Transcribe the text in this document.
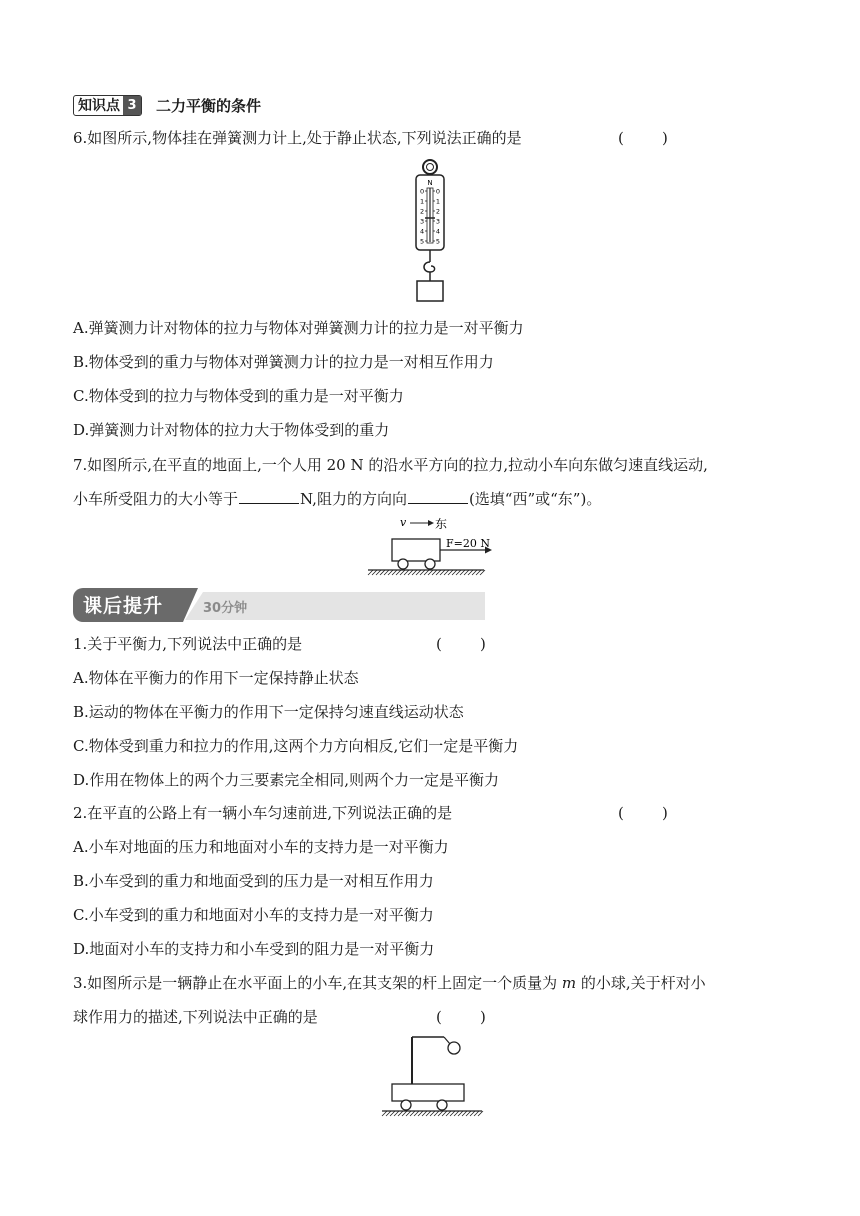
知识点 3 二力平衡的条件
6.如图所示,物体挂在弹簧测力计上,处于静止状态,下列说法正确的是	(        )
N
0 0
1 1
2 2
3 3
4 4
5 5
A.弹簧测力计对物体的拉力与物体对弹簧测力计的拉力是一对平衡力
B.物体受到的重力与物体对弹簧测力计的拉力是一对相互作用力
C.物体受到的拉力与物体受到的重力是一对平衡力
D.弹簧测力计对物体的拉力大于物体受到的重力
7.如图所示,在平直的地面上,一个人用 20 N 的沿水平方向的拉力,拉动小车向东做匀速直线运动,
小车所受阻力的大小等于	N,阻力的方向向	(选填“西”或“东”)。
v 东
F=20 N
课后提升	30分钟
1.关于平衡力,下列说法中正确的是	(        )
A.物体在平衡力的作用下一定保持静止状态
B.运动的物体在平衡力的作用下一定保持匀速直线运动状态
C.物体受到重力和拉力的作用,这两个力方向相反,它们一定是平衡力
D.作用在物体上的两个力三要素完全相同,则两个力一定是平衡力
2.在平直的公路上有一辆小车匀速前进,下列说法正确的是	(        )
A.小车对地面的压力和地面对小车的支持力是一对平衡力
B.小车受到的重力和地面受到的压力是一对相互作用力
C.小车受到的重力和地面对小车的支持力是一对平衡力
D.地面对小车的支持力和小车受到的阻力是一对平衡力
3.如图所示是一辆静止在水平面上的小车,在其支架的杆上固定一个质量为 m 的小球,关于杆对小
球作用力的描述,下列说法中正确的是	(        )
